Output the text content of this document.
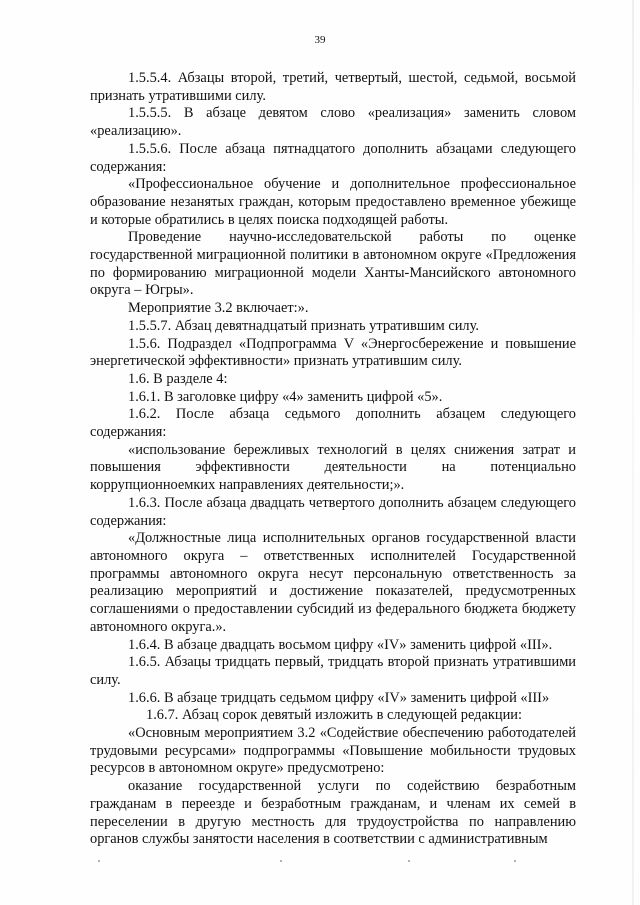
39

1.5.5.4. Абзацы второй, третий, четвертый, шестой, седьмой, восьмой признать утратившими силу.

1.5.5.5. В абзаце девятом слово «реализация» заменить словом «реализацию».

1.5.5.6. После абзаца пятнадцатого дополнить абзацами следующего содержания:

«Профессиональное обучение и дополнительное профессиональное образование незанятых граждан, которым предоставлено временное убежище и которые обратились в целях поиска подходящей работы.

Проведение научно-исследовательской работы по оценке государственной миграционной политики в автономном округе «Предложения по формированию миграционной модели Ханты-Мансийского автономного округа – Югры».

Мероприятие 3.2 включает:».

1.5.5.7. Абзац девятнадцатый признать утратившим силу.

1.5.6. Подраздел «Подпрограмма V «Энергосбережение и повышение энергетической эффективности» признать утратившим силу.

1.6. В разделе 4:

1.6.1. В заголовке цифру «4» заменить цифрой «5».

1.6.2. После абзаца седьмого дополнить абзацем следующего содержания:

«использование бережливых технологий в целях снижения затрат и повышения эффективности деятельности на потенциально коррупционноемких направлениях деятельности;».

1.6.3. После абзаца двадцать четвертого дополнить абзацем следующего содержания:

«Должностные лица исполнительных органов государственной власти автономного округа – ответственных исполнителей Государственной программы автономного округа несут персональную ответственность за реализацию мероприятий и достижение показателей, предусмотренных соглашениями о предоставлении субсидий из федерального бюджета бюджету автономного округа.».

1.6.4. В абзаце двадцать восьмом цифру «IV» заменить цифрой «III».

1.6.5. Абзацы тридцать первый, тридцать второй признать утратившими силу.

1.6.6. В абзаце тридцать седьмом цифру «IV» заменить цифрой «III»

1.6.7. Абзац сорок девятый изложить в следующей редакции:

«Основным мероприятием 3.2 «Содействие обеспечению работодателей трудовыми ресурсами» подпрограммы «Повышение мобильности трудовых ресурсов в автономном округе» предусмотрено:

оказание государственной услуги по содействию безработным гражданам в переезде и безработным гражданам, и членам их семей в переселении в другую местность для трудоустройства по направлению органов службы занятости населения в соответствии с административным
